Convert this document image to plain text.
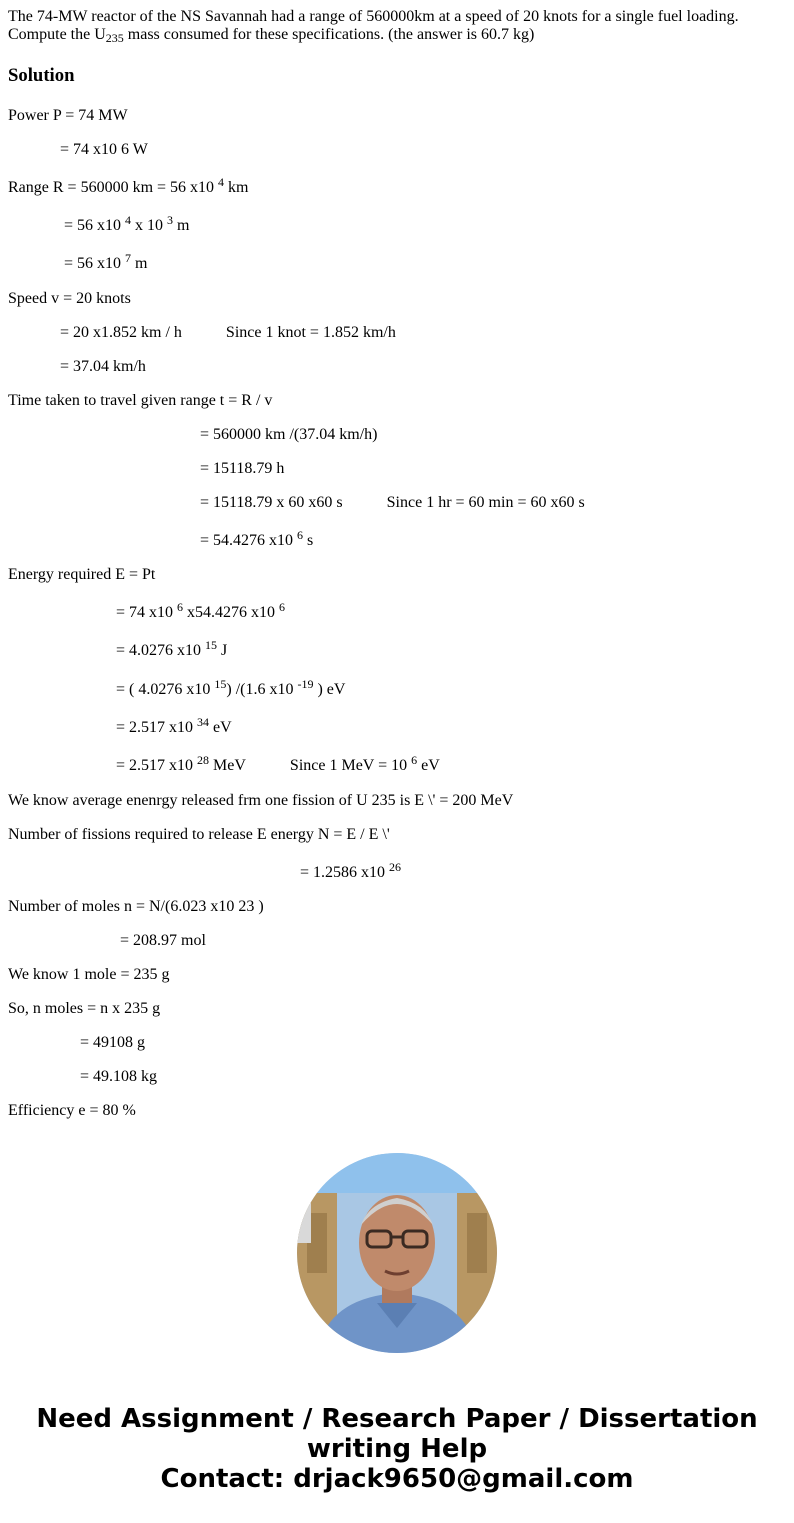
The 74-MW reactor of the NS Savannah had a range of 560000km at a speed of 20 knots for a single fuel loading. Compute the $U_{235}$ mass consumed for these specifications. (the answer is 60.7 kg)
Solution
Power P = 74 MW
= 74 x10 6 W
Range R = 560000 km = 56 x10 $^4$ km
= 56 x10 $^4$ x 10 $^3$ m
= 56 x10 $^7$ m
Speed v = 20 knots
= 20 x1.852 km / h	Since 1 knot = 1.852 km/h
= 37.04 km/h
Time taken to travel given range t = R / v
= 560000 km /(37.04 km/h)
= 15118.79 h
= 15118.79 x 60 x60 s	Since 1 hr = 60 min = 60 x60 s
= 54.4276 x10 $^6$ s
Energy required E = Pt
= 74 x10 $^6$ x54.4276 x10 $^6$
= 4.0276 x10 $^{15}$ J
= ( 4.0276 x10 $^{15}$) /(1.6 x10 $^{-19}$ ) eV
= 2.517 x10 $^{34}$ eV
= 2.517 x10 $^{28}$ MeV	Since 1 MeV = 10 $^6$ eV
We know average enenrgy released frm one fission of U 235 is E \' = 200 MeV
Number of fissions required to release E energy N = E / E \'
= 1.2586 x10 $^{26}$
Number of moles n = N/(6.023 x10 23 )
= 208.97 mol
We know 1 mole = 235 g
So, n moles = n x 235 g
= 49108 g
= 49.108 kg
Efficiency e = 80 %
Need Assignment / Research Paper / Dissertation
writing Help
Contact: drjack9650@gmail.com
